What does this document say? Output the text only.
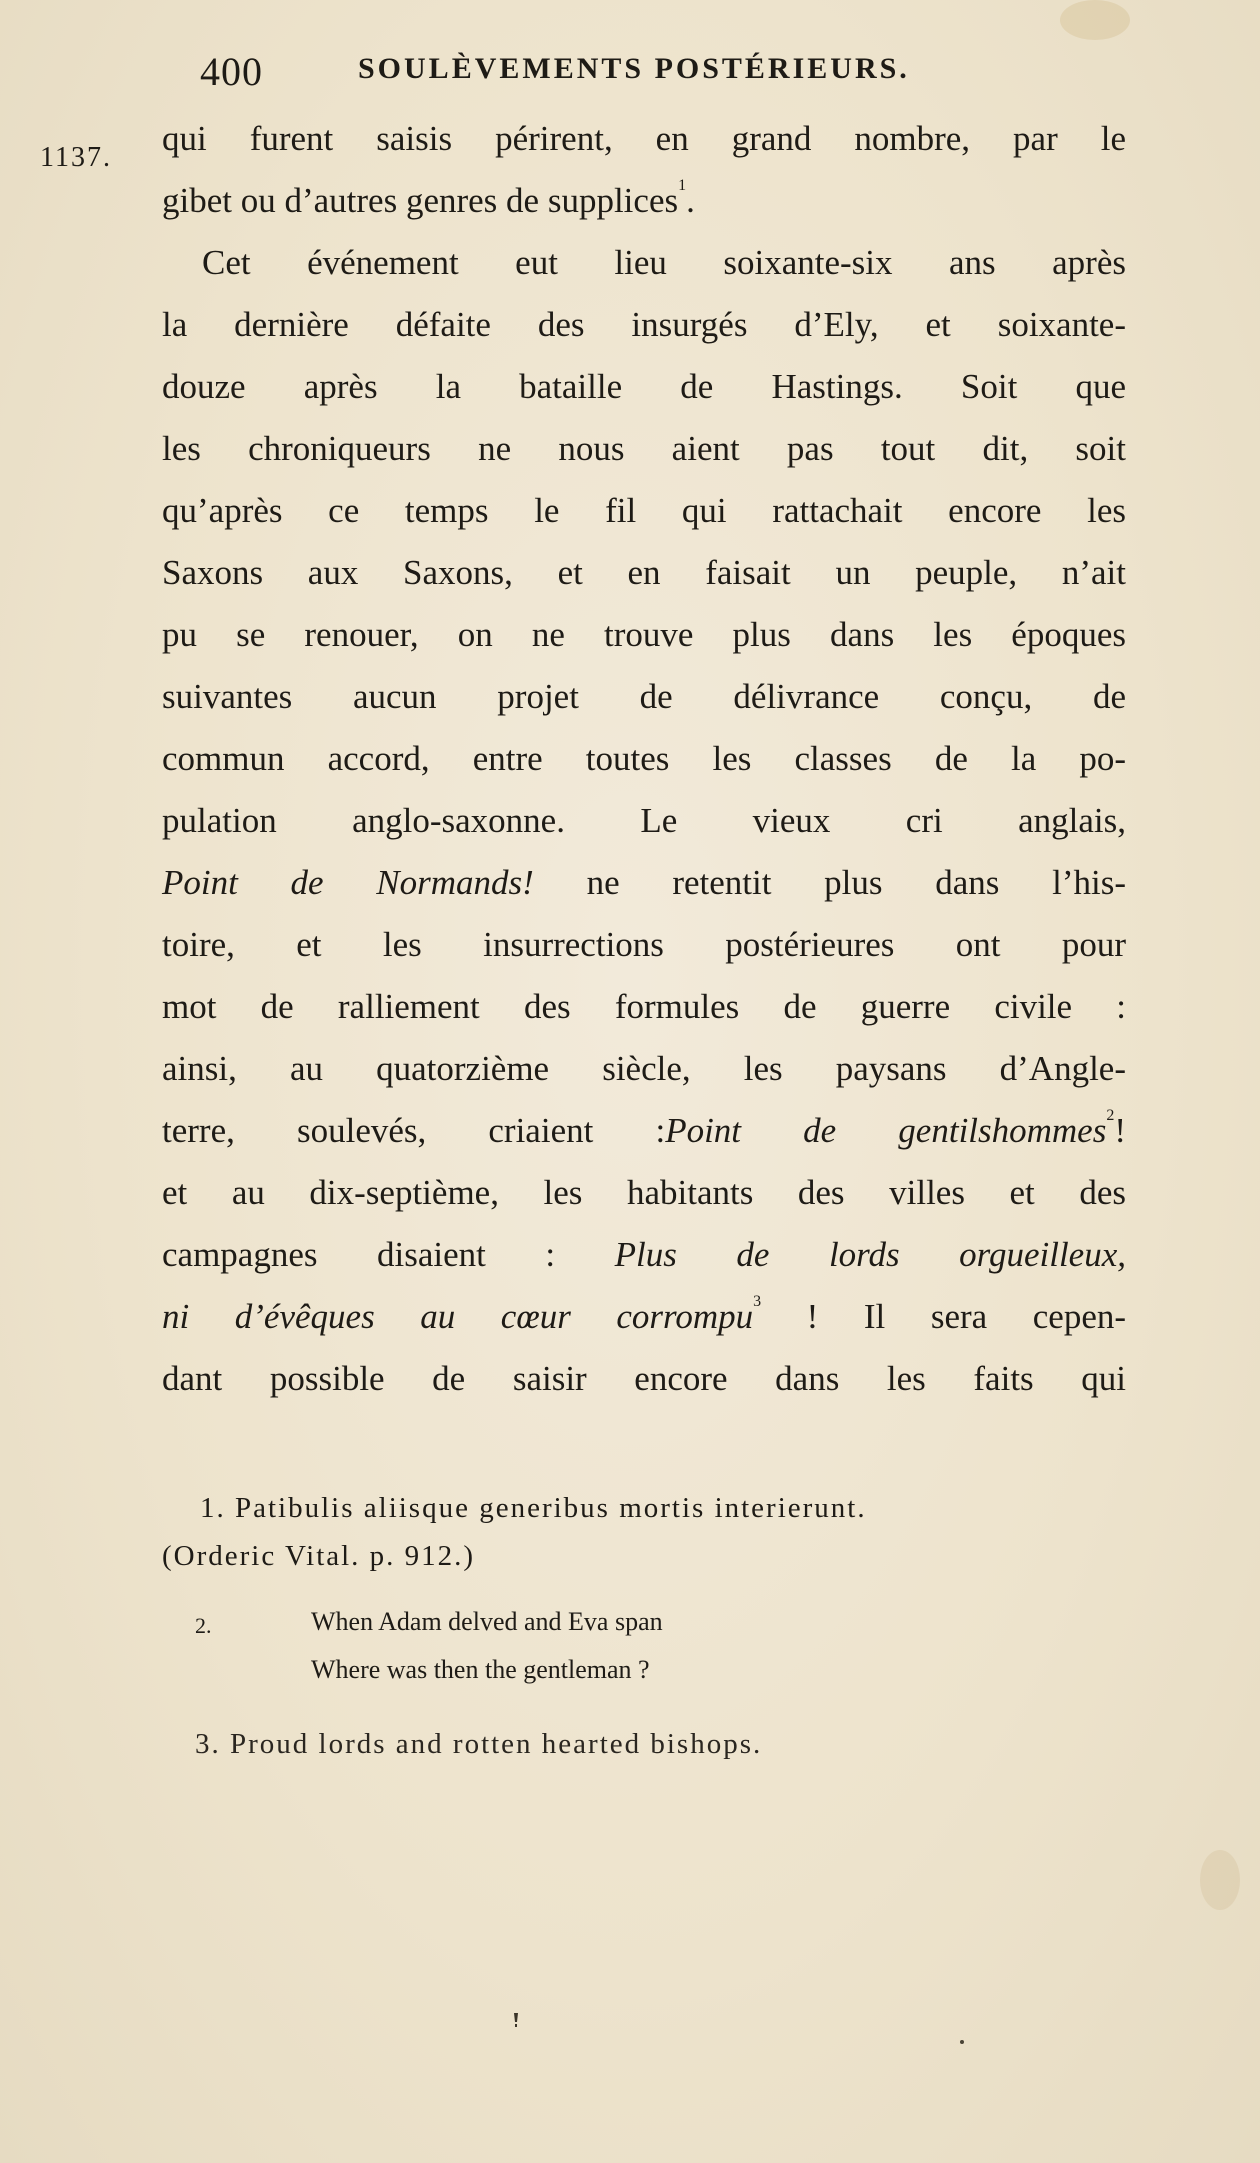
400	SOULÈVEMENTS POSTÉRIEURS.
1137. qui furent saisis périrent, en grand nombre, par le
gibet ou d’autres genres de supplices$^1$.
Cet événement eut lieu soixante-six ans après
la dernière défaite des insurgés d’Ely, et soixante-
douze après la bataille de Hastings. Soit que
les chroniqueurs ne nous aient pas tout dit, soit
qu’après ce temps le fil qui rattachait encore les
Saxons aux Saxons, et en faisait un peuple, n’ait
pu se renouer, on ne trouve plus dans les époques
suivantes aucun projet de délivrance conçu, de
commun accord, entre toutes les classes de la po-
pulation anglo-saxonne. Le vieux cri anglais,
Point de Normands! ne retentit plus dans l’his-
toire, et les insurrections postérieures ont pour
mot de ralliement des formules de guerre civile :
ainsi, au quatorzième siècle, les paysans d’Angle-
terre, soulevés, criaient :Point de gentilshommes$^2$!
et au dix-septième, les habitants des villes et des
campagnes disaient : Plus de lords orgueilleux,
ni d’évêques au cœur corrompu$^3$ ! Il sera cepen-
dant possible de saisir encore dans les faits qui
1. Patibulis aliisque generibus mortis interierunt.
(Orderic Vital. p. 912.)
2.	When Adam delved and Eva span
Where was then the gentleman ?
3. Proud lords and rotten hearted bishops.
